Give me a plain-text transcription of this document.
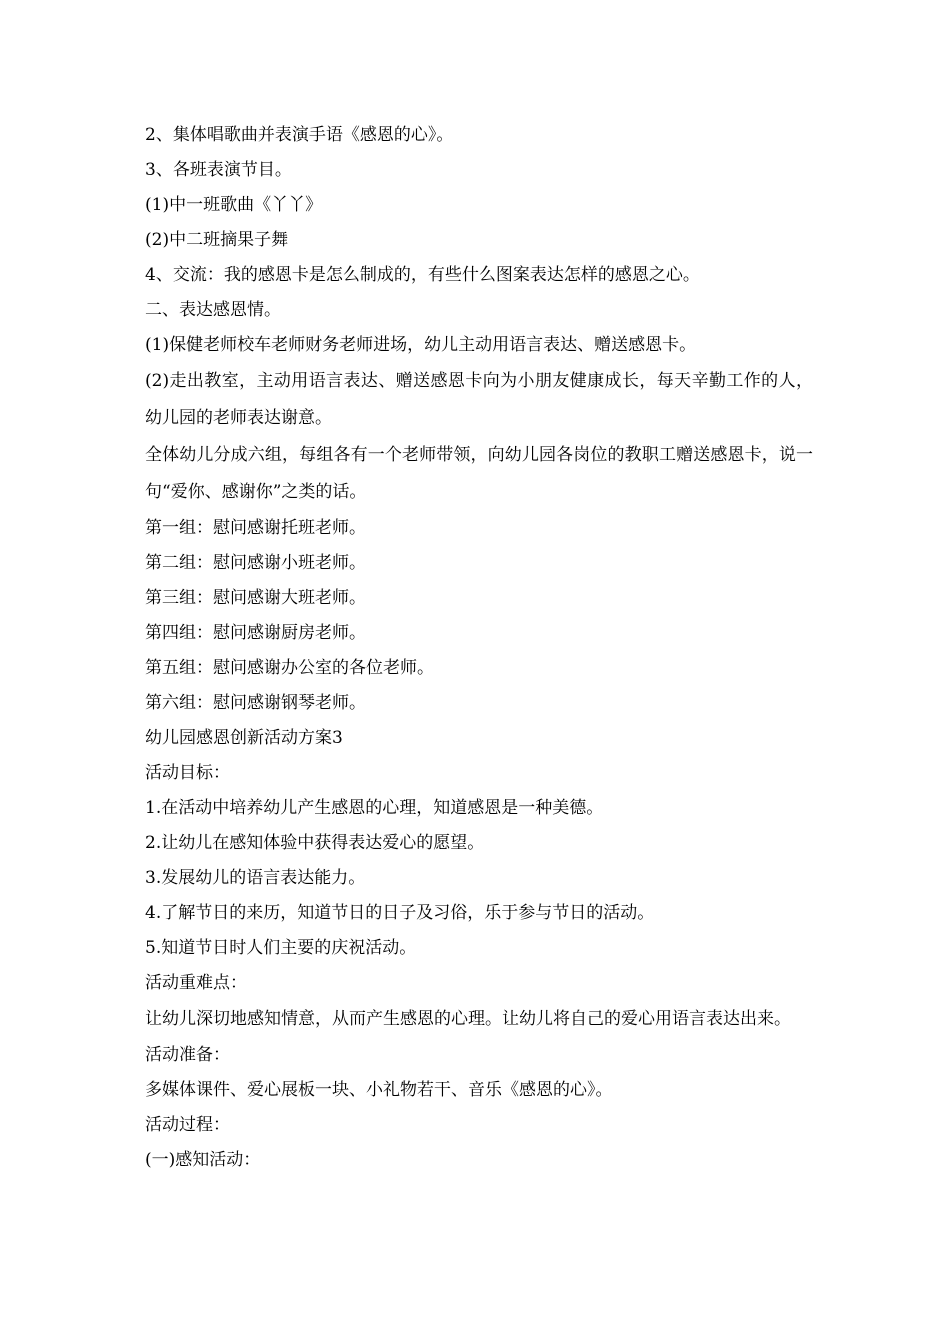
2、集体唱歌曲并表演手语《感恩的心》。
3、各班表演节目。
(1)中一班歌曲《丫丫》
(2)中二班摘果子舞
4、交流：我的感恩卡是怎么制成的，有些什么图案表达怎样的感恩之心。
二、表达感恩情。
(1)保健老师校车老师财务老师进场，幼儿主动用语言表达、赠送感恩卡。

(2)走出教室，主动用语言表达、赠送感恩卡向为小朋友健康成长，每天辛勤工作的人，幼儿园的老师表达谢意。

全体幼儿分成六组，每组各有一个老师带领，向幼儿园各岗位的教职工赠送感恩卡，说一句“爱你、感谢你”之类的话。

第一组：慰问感谢托班老师。
第二组：慰问感谢小班老师。
第三组：慰问感谢大班老师。
第四组：慰问感谢厨房老师。
第五组：慰问感谢办公室的各位老师。
第六组：慰问感谢钢琴老师。
幼儿园感恩创新活动方案3
活动目标：
1.在活动中培养幼儿产生感恩的心理，知道感恩是一种美德。
2.让幼儿在感知体验中获得表达爱心的愿望。
3.发展幼儿的语言表达能力。
4.了解节日的来历，知道节日的日子及习俗，乐于参与节日的活动。
5.知道节日时人们主要的庆祝活动。
活动重难点：

让幼儿深切地感知情意，从而产生感恩的心理。让幼儿将自己的爱心用语言表达出来。

活动准备：
多媒体课件、爱心展板一块、小礼物若干、音乐《感恩的心》。
活动过程：
(一)感知活动：
